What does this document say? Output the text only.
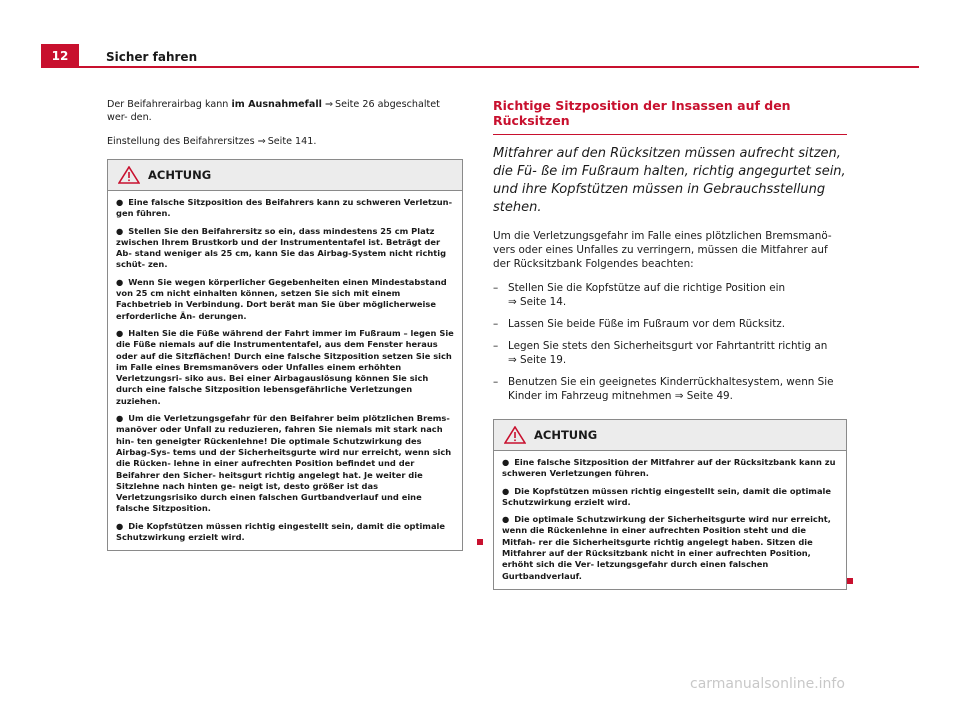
12	Sicher fahren

Der Beifahrerairbag kann im Ausnahmefall ⇒ Seite 26 abgeschaltet wer- den.

Einstellung des Beifahrersitzes ⇒ Seite 141.

ACHTUNG

● Eine falsche Sitzposition des Beifahrers kann zu schweren Verletzun- gen führen.

● Stellen Sie den Beifahrersitz so ein, dass mindestens 25 cm Platz zwischen Ihrem Brustkorb und der Instrumententafel ist. Beträgt der Ab- stand weniger als 25 cm, kann Sie das Airbag-System nicht richtig schüt- zen.

● Wenn Sie wegen körperlicher Gegebenheiten einen Mindestabstand von 25 cm nicht einhalten können, setzen Sie sich mit einem Fachbetrieb in Verbindung. Dort berät man Sie über möglicherweise erforderliche Än- derungen.

● Halten Sie die Füße während der Fahrt immer im Fußraum – legen Sie die Füße niemals auf die Instrumententafel, aus dem Fenster heraus oder auf die Sitzflächen! Durch eine falsche Sitzposition setzen Sie sich im Falle eines Bremsmanövers oder Unfalles einem erhöhten Verletzungsri- siko aus. Bei einer Airbagauslösung können Sie sich durch eine falsche Sitzposition lebensgefährliche Verletzungen zuziehen.

● Um die Verletzungsgefahr für den Beifahrer beim plötzlichen Brems- manöver oder Unfall zu reduzieren, fahren Sie niemals mit stark nach hin- ten geneigter Rückenlehne! Die optimale Schutzwirkung des Airbag-Sys- tems und der Sicherheitsgurte wird nur erreicht, wenn sich die Rücken- lehne in einer aufrechten Position befindet und der Beifahrer den Sicher- heitsgurt richtig angelegt hat. Je weiter die Sitzlehne nach hinten ge- neigt ist, desto größer ist das Verletzungsrisiko durch einen falschen Gurtbandverlauf und eine falsche Sitzposition.

● Die Kopfstützen müssen richtig eingestellt sein, damit die optimale Schutzwirkung erzielt wird.

Richtige Sitzposition der Insassen auf den Rücksitzen

Mitfahrer auf den Rücksitzen müssen aufrecht sitzen, die Fü- ße im Fußraum halten, richtig angegurtet sein, und ihre Kopfstützen müssen in Gebrauchsstellung stehen.

Um die Verletzungsgefahr im Falle eines plötzlichen Bremsmanö- vers oder eines Unfalles zu verringern, müssen die Mitfahrer auf der Rücksitzbank Folgendes beachten:

– Stellen Sie die Kopfstütze auf die richtige Position ein
⇒ Seite 14.
– Lassen Sie beide Füße im Fußraum vor dem Rücksitz.
– Legen Sie stets den Sicherheitsgurt vor Fahrtantritt richtig an
⇒ Seite 19.
– Benutzen Sie ein geeignetes Kinderrückhaltesystem, wenn Sie Kinder im Fahrzeug mitnehmen ⇒ Seite 49.
ACHTUNG

● Eine falsche Sitzposition der Mitfahrer auf der Rücksitzbank kann zu schweren Verletzungen führen.

● Die Kopfstützen müssen richtig eingestellt sein, damit die optimale Schutzwirkung erzielt wird.

● Die optimale Schutzwirkung der Sicherheitsgurte wird nur erreicht, wenn die Rückenlehne in einer aufrechten Position steht und die Mitfah- rer die Sicherheitsgurte richtig angelegt haben. Sitzen die Mitfahrer auf der Rücksitzbank nicht in einer aufrechten Position, erhöht sich die Ver- letzungsgefahr durch einen falschen Gurtbandverlauf.

carmanualsonline.info
